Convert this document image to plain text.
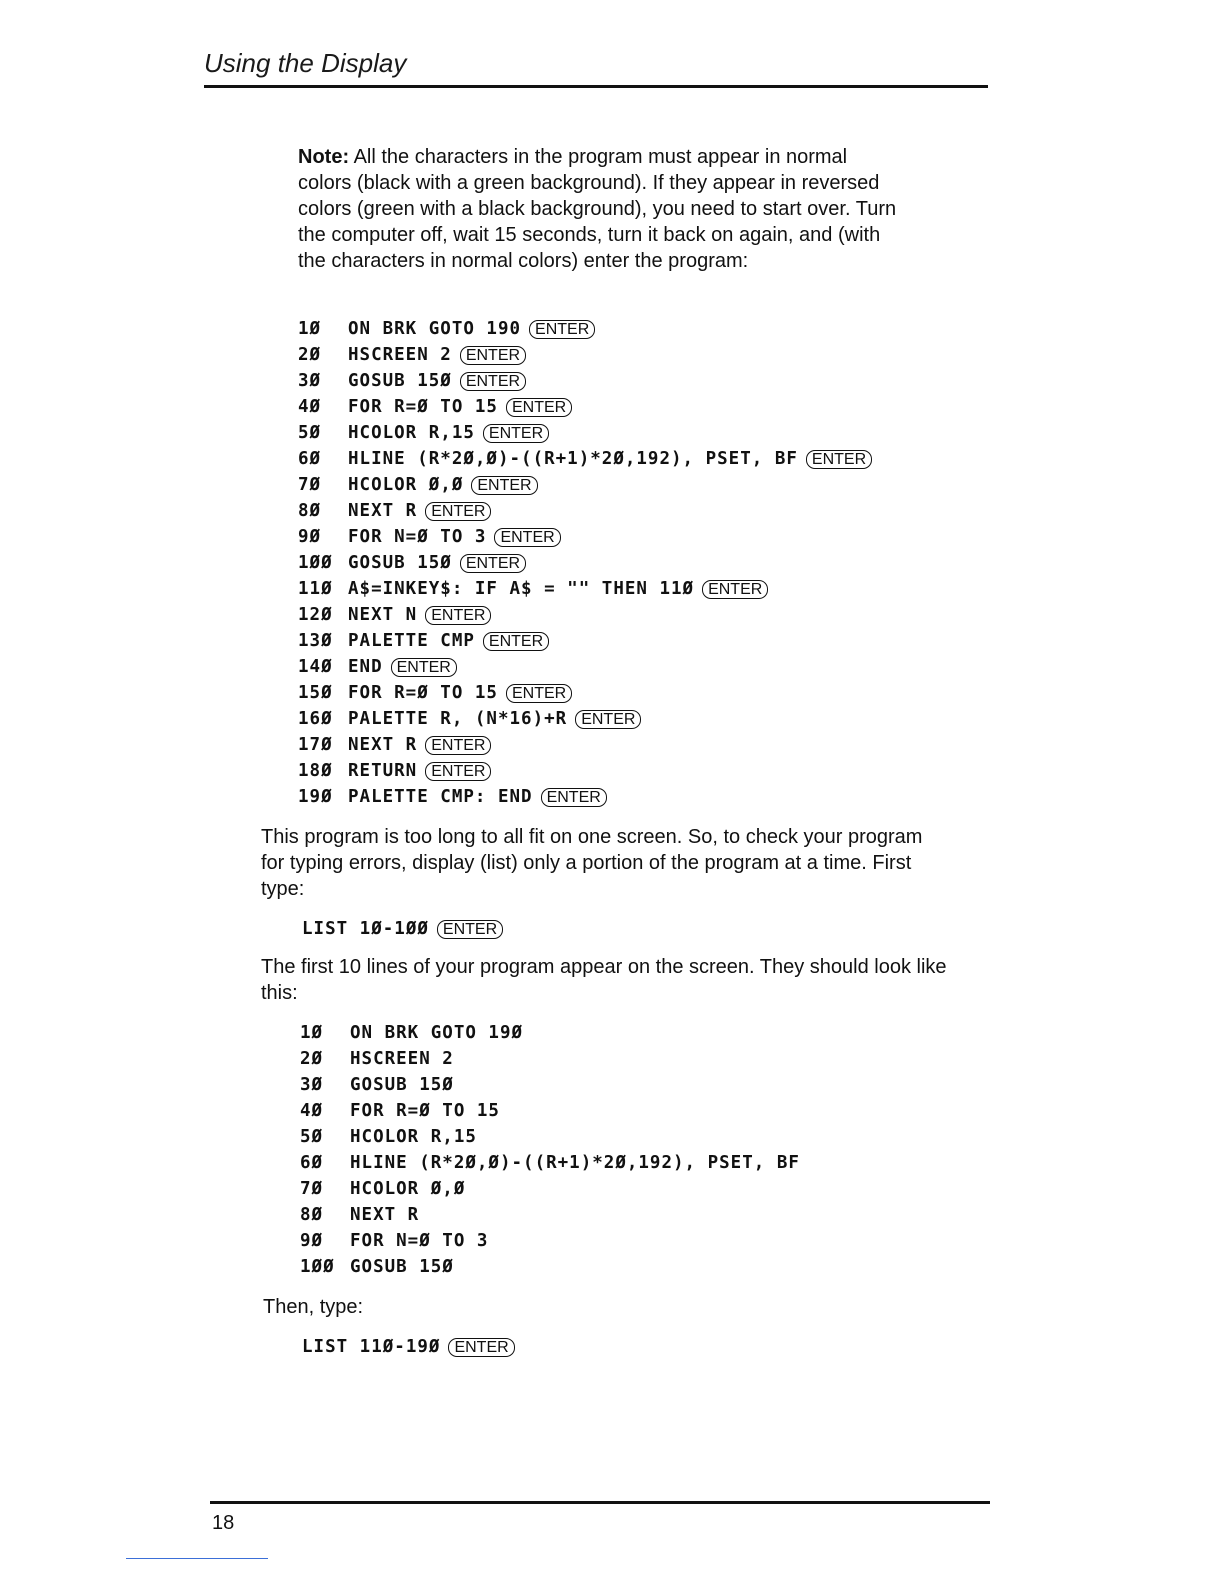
Using the Display
Note: All the characters in the program must appear in normal colors (black with a green background). If they appear in reversed colors (green with a black background), you need to start over. Turn the computer off, wait 15 seconds, turn it back on again, and (with the characters in normal colors) enter the program:
1Ø	ON BRK GOTO 190 ENTER
2Ø	HSCREEN 2 ENTER
3Ø	GOSUB 15Ø ENTER
4Ø	FOR R=Ø TO 15 ENTER
5Ø	HCOLOR R,15 ENTER
6Ø	HLINE (R*2Ø,Ø)-((R+1)*2Ø,192), PSET, BF ENTER
7Ø	HCOLOR Ø,Ø ENTER
8Ø	NEXT R ENTER
9Ø	FOR N=Ø TO 3 ENTER
1ØØ GOSUB 15Ø ENTER
11Ø A$=INKEY$: IF A$ = "" THEN 11Ø ENTER
12Ø NEXT N ENTER
13Ø PALETTE CMP ENTER
14Ø END ENTER
15Ø FOR R=Ø TO 15 ENTER
16Ø PALETTE R, (N*16)+R ENTER
17Ø NEXT R ENTER
18Ø RETURN ENTER
19Ø PALETTE CMP: END ENTER
This program is too long to all fit on one screen. So, to check your program for typing errors, display (list) only a portion of the program at a time. First type:
LIST 1Ø-1ØØ ENTER
The first 10 lines of your program appear on the screen. They should look like this:
1Ø	ON BRK GOTO 19Ø
2Ø	HSCREEN 2
3Ø	GOSUB 15Ø
4Ø	FOR R=Ø TO 15
5Ø	HCOLOR R,15
6Ø	HLINE (R*2Ø,Ø)-((R+1)*2Ø,192), PSET, BF
7Ø	HCOLOR Ø,Ø
8Ø	NEXT R
9Ø	FOR N=Ø TO 3
1ØØ GOSUB 15Ø
Then, type:
LIST 11Ø-19Ø ENTER
18
